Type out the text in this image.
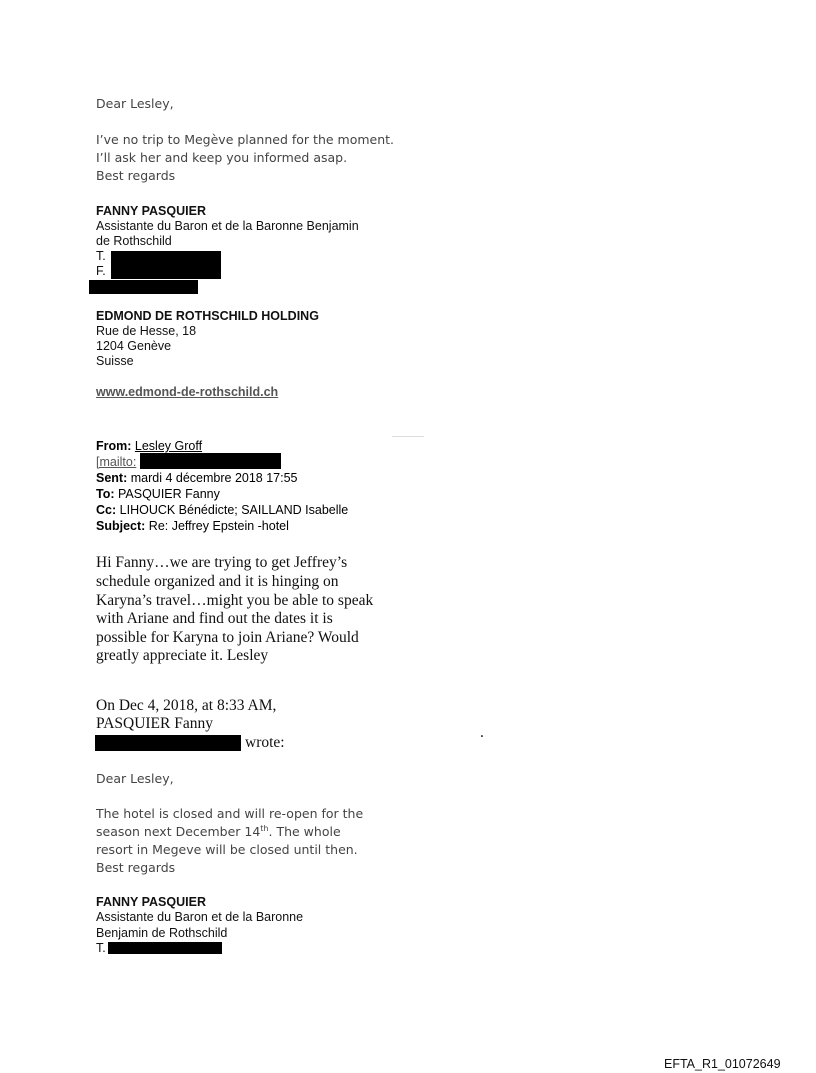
Dear Lesley,
I’ve no trip to Megève planned for the moment.
I’ll ask her and keep you informed asap.
Best regards
FANNY PASQUIER
Assistante du Baron et de la Baronne Benjamin
de Rothschild
T.
F.
EDMOND DE ROTHSCHILD HOLDING
Rue de Hesse, 18
1204 Genève
Suisse
www.edmond-de-rothschild.ch
From: Lesley Groff
[mailto:
Sent: mardi 4 décembre 2018 17:55
To: PASQUIER Fanny
Cc: LIHOUCK Bénédicte; SAILLAND Isabelle
Subject: Re: Jeffrey Epstein -hotel
Hi Fanny…we are trying to get Jeffrey’s
schedule organized and it is hinging on
Karyna’s travel…might you be able to speak
with Ariane and find out the dates it is
possible for Karyna to join Ariane? Would
greatly appreciate it. Lesley
On Dec 4, 2018, at 8:33 AM,
PASQUIER Fanny
wrote:
.
Dear Lesley,
The hotel is closed and will re-open for the
season next December 14th. The whole
resort in Megeve will be closed until then.
Best regards
FANNY PASQUIER
Assistante du Baron et de la Baronne
Benjamin de Rothschild
T.
EFTA_R1_01072649
